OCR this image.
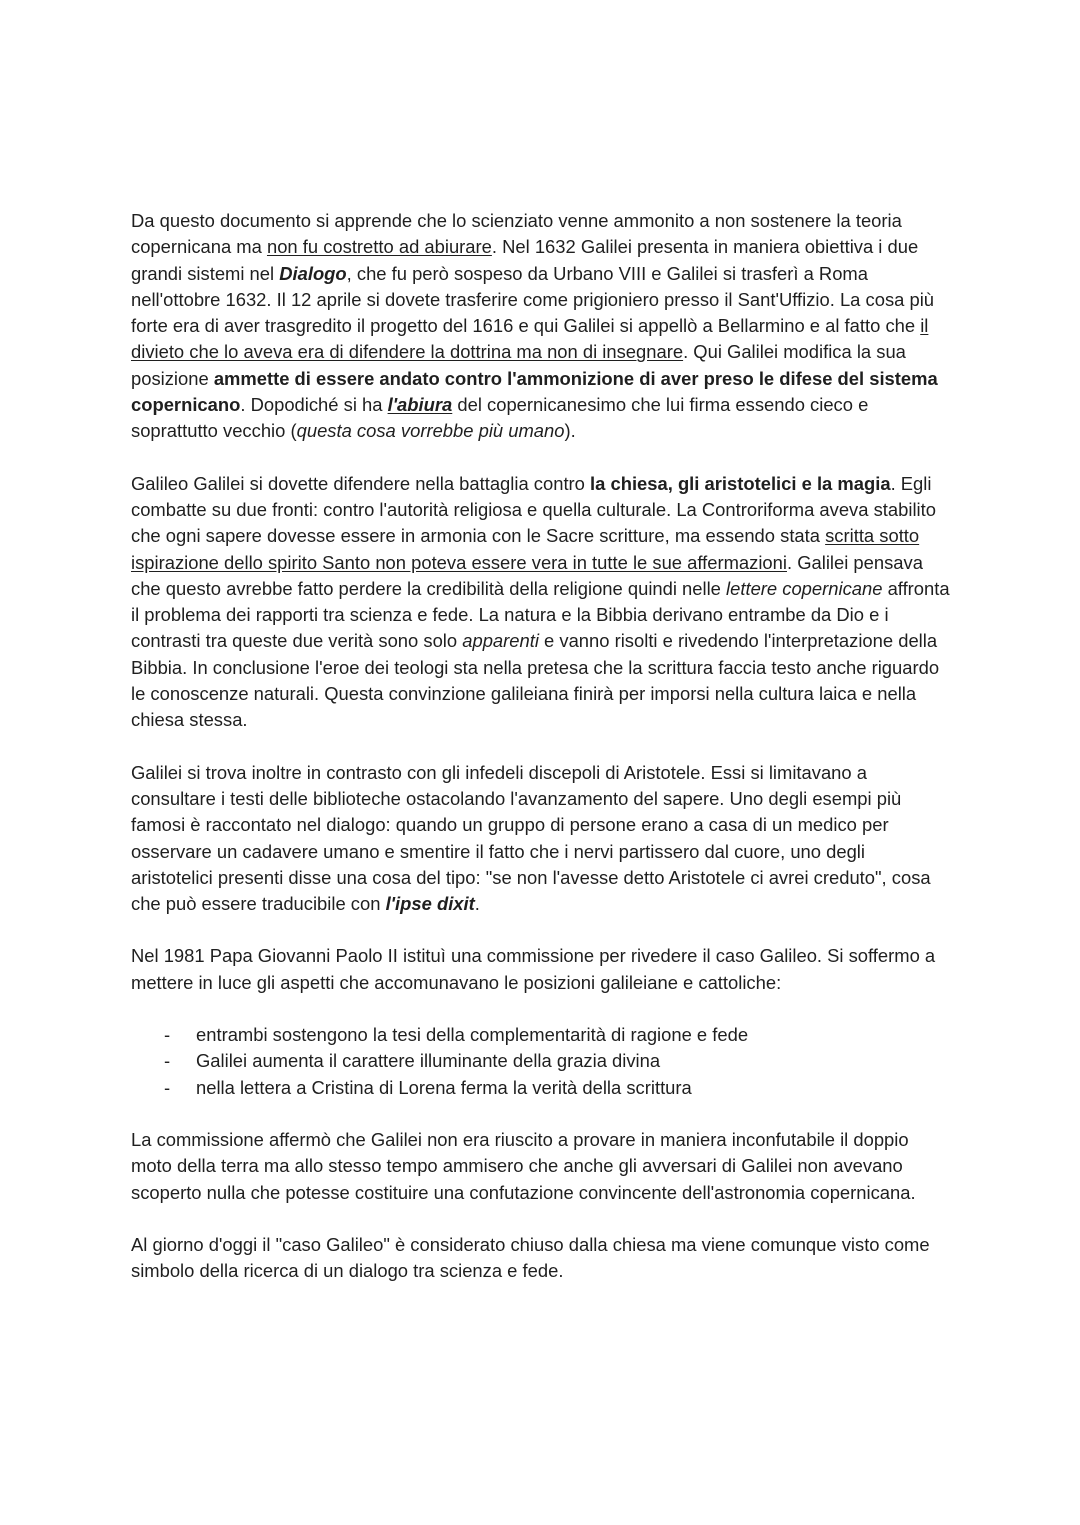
Da questo documento si apprende che lo scienziato venne ammonito a non sostenere la teoria copernicana ma non fu costretto ad abiurare. Nel 1632 Galilei presenta in maniera obiettiva i due grandi sistemi nel Dialogo, che fu però sospeso da Urbano VIII e Galilei si trasferì a Roma nell'ottobre 1632. Il 12 aprile si dovete trasferire come prigioniero presso il Sant'Uffizio. La cosa più forte era di aver trasgredito il progetto del 1616 e qui Galilei si appellò a Bellarmino e al fatto che il divieto che lo aveva era di difendere la dottrina ma non di insegnare. Qui Galilei modifica la sua posizione ammette di essere andato contro l'ammonizione di aver preso le difese del sistema copernicano. Dopodiché si ha l'abiura del copernicanesimo che lui firma essendo cieco e soprattutto vecchio (questa cosa vorrebbe più umano).

Galileo Galilei si dovette difendere nella battaglia contro la chiesa, gli aristotelici e la magia. Egli combatte su due fronti: contro l'autorità religiosa e quella culturale. La Controriforma aveva stabilito che ogni sapere dovesse essere in armonia con le Sacre scritture, ma essendo stata scritta sotto ispirazione dello spirito Santo non poteva essere vera in tutte le sue affermazioni. Galilei pensava che questo avrebbe fatto perdere la credibilità della religione quindi nelle lettere copernicane affronta il problema dei rapporti tra scienza e fede. La natura e la Bibbia derivano entrambe da Dio e i contrasti tra queste due verità sono solo apparenti e vanno risolti e rivedendo l'interpretazione della Bibbia. In conclusione l'eroe dei teologi sta nella pretesa che la scrittura faccia testo anche riguardo le conoscenze naturali. Questa convinzione galileiana finirà per imporsi nella cultura laica e nella chiesa stessa.

Galilei si trova inoltre in contrasto con gli infedeli discepoli di Aristotele. Essi si limitavano a consultare i testi delle biblioteche ostacolando l'avanzamento del sapere. Uno degli esempi più famosi è raccontato nel dialogo: quando un gruppo di persone erano a casa di un medico per osservare un cadavere umano e smentire il fatto che i nervi partissero dal cuore, uno degli aristotelici presenti disse una cosa del tipo: "se non l'avesse detto Aristotele ci avrei creduto", cosa che può essere traducibile con l'ipse dixit.

Nel 1981 Papa Giovanni Paolo II istituì una commissione per rivedere il caso Galileo. Si soffermo a mettere in luce gli aspetti che accomunavano le posizioni galileiane e cattoliche:

- entrambi sostengono la tesi della complementarità di ragione e fede
- Galilei aumenta il carattere illuminante della grazia divina
- nella lettera a Cristina di Lorena ferma la verità della scrittura

La commissione affermò che Galilei non era riuscito a provare in maniera inconfutabile il doppio moto della terra ma allo stesso tempo ammisero che anche gli avversari di Galilei non avevano scoperto nulla che potesse costituire una confutazione convincente dell'astronomia copernicana.

Al giorno d'oggi il "caso Galileo" è considerato chiuso dalla chiesa ma viene comunque visto come simbolo della ricerca di un dialogo tra scienza e fede.
